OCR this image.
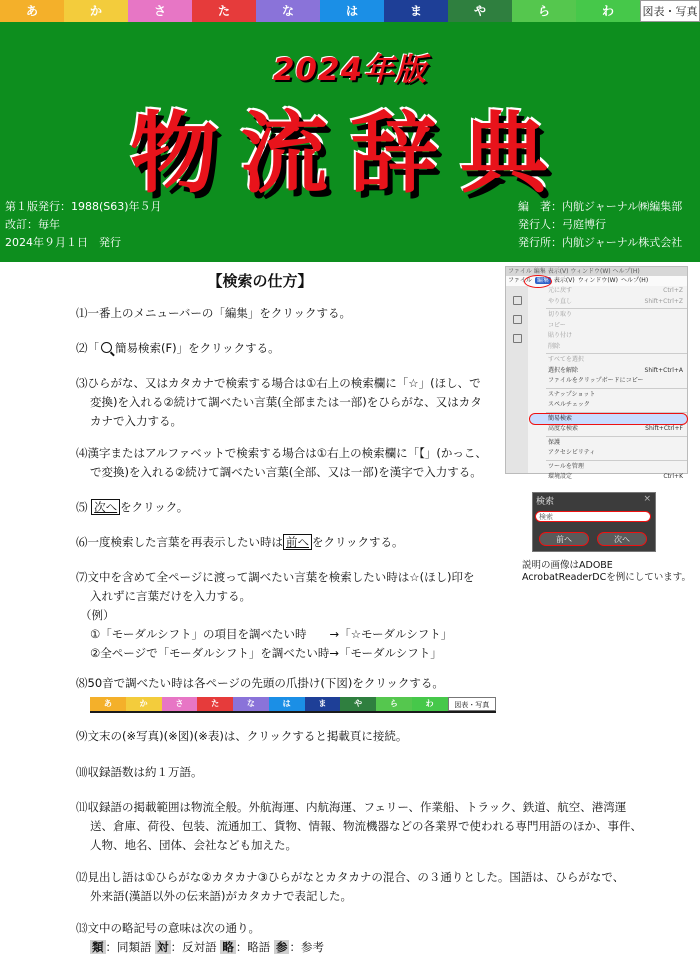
あ	か	さ	た	な	は	ま	や	ら	わ	図表・写真
2024年版
物流辞典
第１版発行：1988(S63)年５月
改訂：毎年
2024年９月１日　発行
編　著：内航ジャーナル㈱編集部
発行人：弓庭博行
発行所：内航ジャーナル株式会社
【検索の仕方】
⑴一番上のメニューバーの「編集」をクリックする。
⑵「 簡易検索(F)」をクリックする。
⑶ひらがな、又はカタカナで検索する場合は①右上の検索欄に「☆」(ほし、で
変換)を入れる②続けて調べたい言葉(全部または一部)をひらがな、又はカタ
カナで入力する。
⑷漢字またはアルファベットで検索する場合は①右上の検索欄に「【」(かっこ、
で変換)を入れる②続けて調べたい言葉(全部、又は一部)を漢字で入力する。
⑸ 次へ をクリック。
⑹一度検索した言葉を再表示したい時は 前へ をクリックする。
⑺文中を含めて全ページに渡って調べたい言葉を検索したい時は☆(ほし)印を
入れずに言葉だけを入力する。
（例）
①「モーダルシフト」の項目を調べたい時　　→「☆モーダルシフト」
②全ページで「モーダルシフト」を調べたい時→「モーダルシフト」
⑻50音で調べたい時は各ページの先頭の爪掛け(下図)をクリックする。
あ	か	さ	た	な	は	ま	や	ら	わ	図表・写真
⑼文末の(※写真)(※図)(※表)は、クリックすると掲載頁に接続。
⑽収録語数は約１万語。
⑾収録語の掲載範囲は物流全般。外航海運、内航海運、フェリー、作業船、トラック、鉄道、航空、港湾運
送、倉庫、荷役、包装、流通加工、貨物、情報、物流機器などの各業界で使われる専門用語のほか、事件、
人物、地名、団体、会社なども加えた。
⑿見出し語は①ひらがな②カタカナ③ひらがなとカタカナの混合、の３通りとした。国語は、ひらがなで、
外来語(漢語以外の伝来語)がカタカナで表記した。
⒀文中の略記号の意味は次の通り。
類 ：同類語 対 ：反対語 略 ：略語 参 ：参考
ファイル 編集 表示(V) ウィンドウ(W) ヘルプ(H)
ファイル 編集 表示(V) ウィンドウ(W) ヘルプ(H)
元に戻す	Ctrl+Z
やり直し	Shift+Ctrl+Z
切り取り
コピー
貼り付け
削除
すべてを選択
選択を解除	Shift+Ctrl+A
ファイルをクリップボードにコピー
スナップショット
スペルチェック
簡易検索
高度な検索	Shift+Ctrl+F
保護
アクセシビリティ
ツールを管理
環境設定	Ctrl+K
検索	×
検索
前へ	次へ
説明の画像はADOBE AcrobatReaderDCを例にしています。
